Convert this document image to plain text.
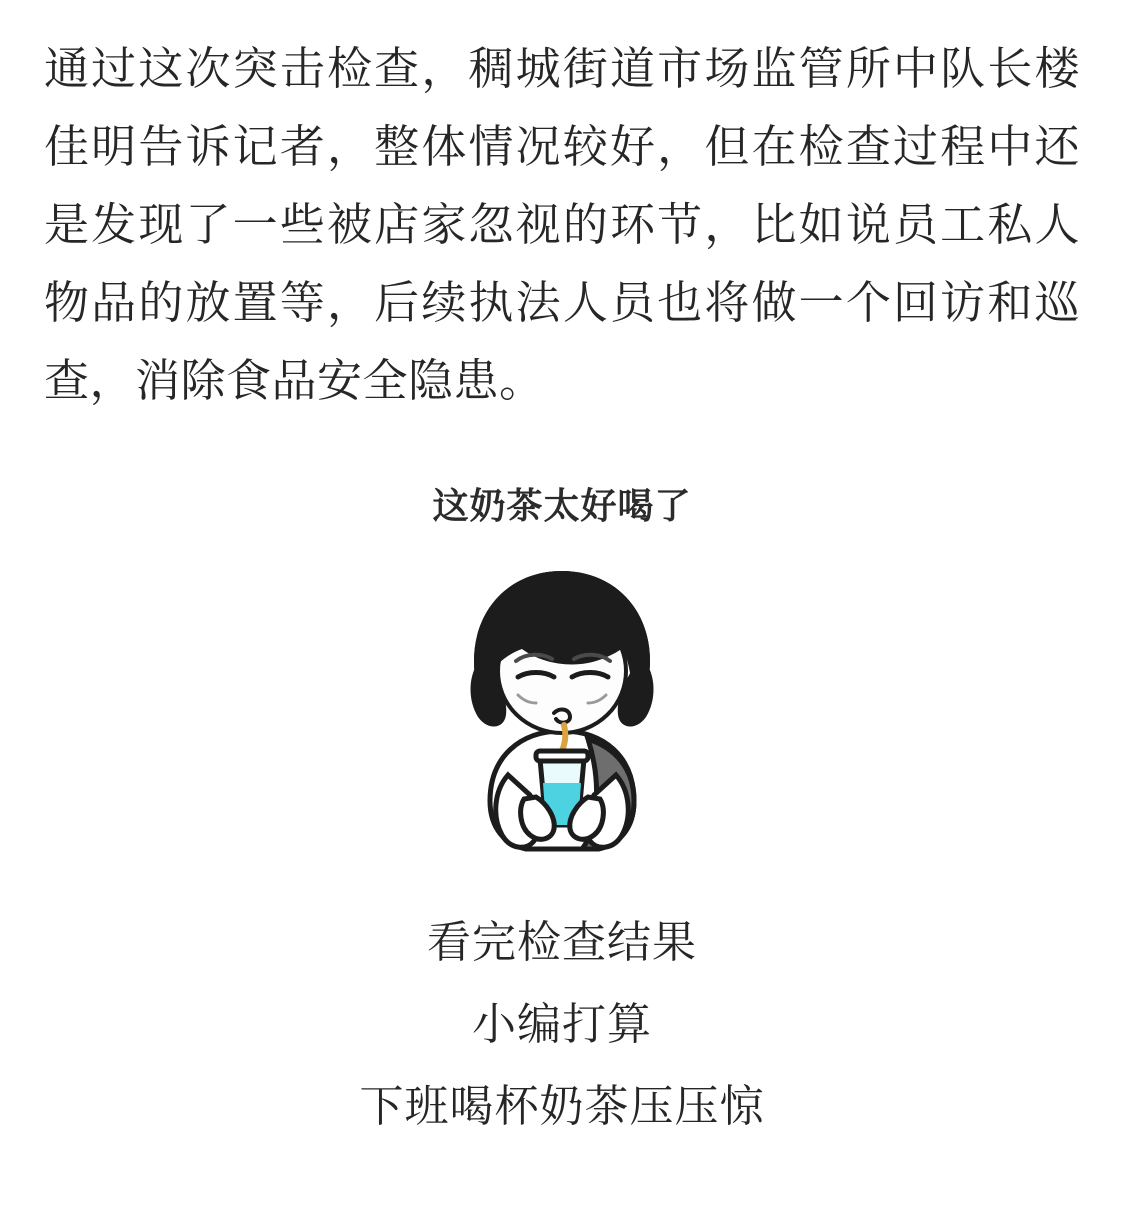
通过这次突击检查，稠城街道市场监管所中队长楼佳明告诉记者，整体情况较好，但在检查过程中还是发现了一些被店家忽视的环节，比如说员工私人物品的放置等，后续执法人员也将做一个回访和巡查，消除食品安全隐患。

这奶茶太好喝了
看完检查结果
小编打算
下班喝杯奶茶压压惊
